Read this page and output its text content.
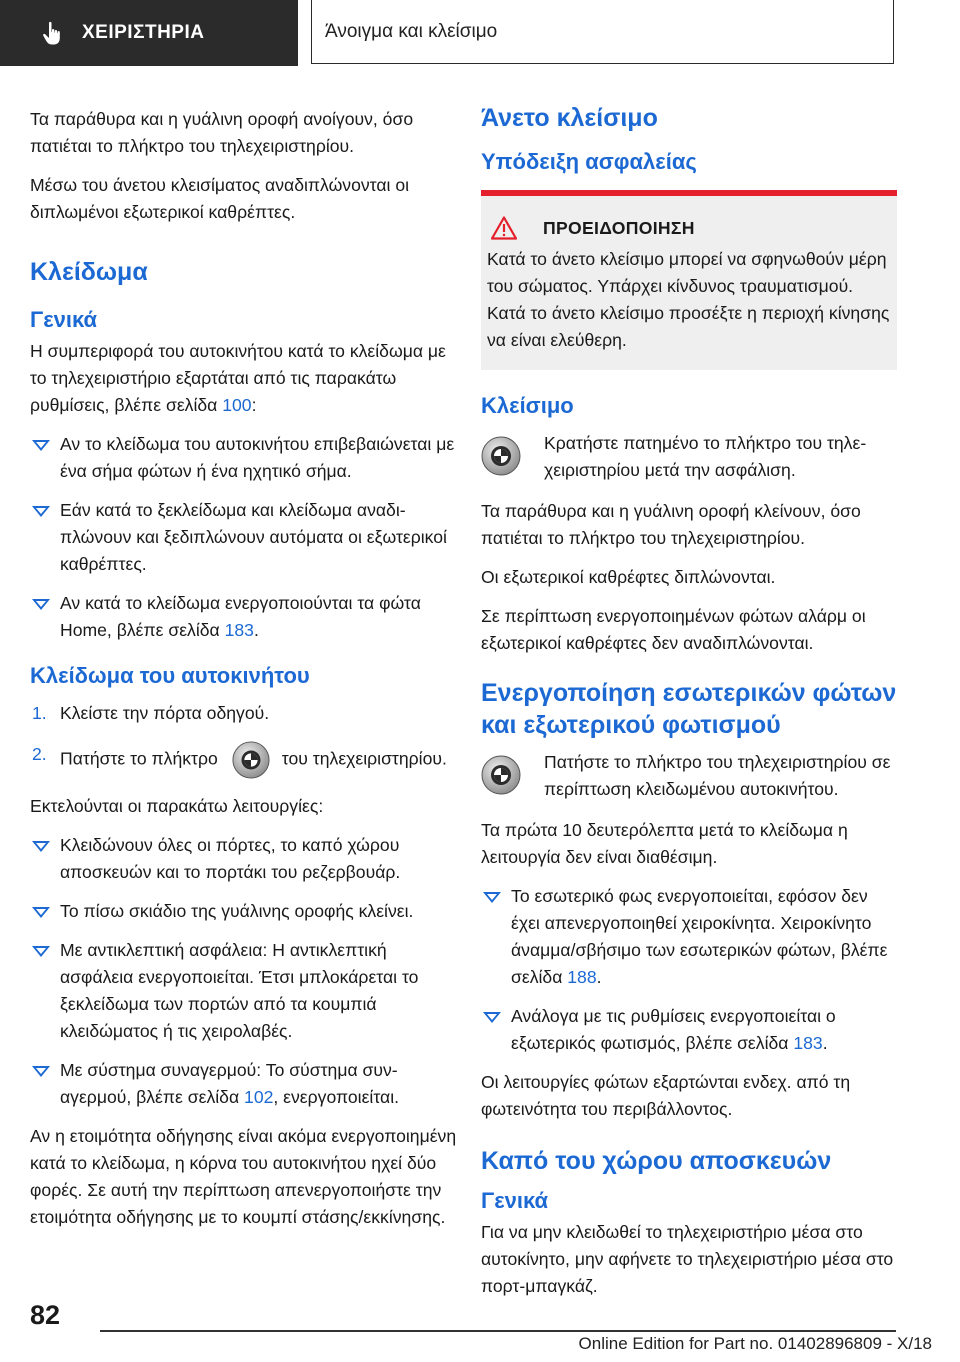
ΧΕΙΡΙΣΤΗΡΙΑ	Άνοιγμα και κλείσιμο

Τα παράθυρα και η γυάλινη οροφή ανοίγουν, όσο πατιέται το πλήκτρο του τηλεχειριστηρίου.

Μέσω του άνετου κλεισίματος αναδιπλώνονται οι διπλωμένοι εξωτερικοί καθρέπτες.

Κλείδωμα
Γενικά

Η συμπεριφορά του αυτοκινήτου κατά το κλείδωμα με το τηλεχειριστήριο εξαρτάται από τις παρακάτω ρυθμίσεις, βλέπε σελίδα 100:

Αν το κλείδωμα του αυτοκινήτου επιβεβαιώνεται με ένα σήμα φώτων ή ένα ηχητικό σήμα.
Εάν κατά το ξεκλείδωμα και κλείδωμα αναδιπλώνουν και ξεδιπλώνουν αυτόματα οι εξωτερικοί καθρέπτες.
Αν κατά το κλείδωμα ενεργοποιούνται τα φώτα Home, βλέπε σελίδα 183.
Κλείδωμα του αυτοκινήτου
1. Κλείστε την πόρτα οδηγού.
2. Πατήστε το πλήκτρο	του τηλεχειριστηρίου.

Εκτελούνται οι παρακάτω λειτουργίες:

Κλειδώνουν όλες οι πόρτες, το καπό χώρου αποσκευών και το πορτάκι του ρεζερβουάρ.
Το πίσω σκιάδιο της γυάλινης οροφής κλείνει.
Με αντικλεπτική ασφάλεια: Η αντικλεπτική ασφάλεια ενεργοποιείται. Έτσι μπλοκάρεται το ξεκλείδωμα των πορτών από τα κουμπιά κλειδώματος ή τις χειρολαβές.
Με σύστημα συναγερμού: Το σύστημα συναγερμού, βλέπε σελίδα 102, ενεργοποιείται.

Αν η ετοιμότητα οδήγησης είναι ακόμα ενεργοποιημένη κατά το κλείδωμα, η κόρνα του αυτοκινήτου ηχεί δύο φορές. Σε αυτή την περίπτωση απενεργοποιήστε την ετοιμότητα οδήγησης με το κουμπί στάσης/εκκίνησης.

Άνετο κλείσιμο
Υπόδειξη ασφαλείας
ΠΡΟΕΙΔΟΠΟΙΗΣΗ

Κατά το άνετο κλείσιμο μπορεί να σφηνωθούν μέρη του σώματος. Υπάρχει κίνδυνος τραυματισμού. Κατά το άνετο κλείσιμο προσέξτε η περιοχή κίνησης να είναι ελεύθερη.

Κλείσιμο
Κρατήστε πατημένο το πλήκτρο του τηλεχειριστηρίου μετά την ασφάλιση.

Τα παράθυρα και η γυάλινη οροφή κλείνουν, όσο πατιέται το πλήκτρο του τηλεχειριστηρίου.

Οι εξωτερικοί καθρέφτες διπλώνονται.

Σε περίπτωση ενεργοποιημένων φώτων αλάρμ οι εξωτερικοί καθρέφτες δεν αναδιπλώνονται.

Ενεργοποίηση εσωτερικών φώτων και εξωτερικού φωτισμού
Πατήστε το πλήκτρο του τηλεχειριστηρίου σε περίπτωση κλειδωμένου αυτοκινήτου.

Τα πρώτα 10 δευτερόλεπτα μετά το κλείδωμα η λειτουργία δεν είναι διαθέσιμη.

Το εσωτερικό φως ενεργοποιείται, εφόσον δεν έχει απενεργοποιηθεί χειροκίνητα. Χειροκίνητο άναμμα/σβήσιμο των εσωτερικών φώτων, βλέπε σελίδα 188.
Ανάλογα με τις ρυθμίσεις ενεργοποιείται ο εξωτερικός φωτισμός, βλέπε σελίδα 183.

Οι λειτουργίες φώτων εξαρτώνται ενδεχ. από τη φωτεινότητα του περιβάλλοντος.

Καπό του χώρου αποσκευών
Γενικά

Για να μην κλειδωθεί το τηλεχειριστήριο μέσα στο αυτοκίνητο, μην αφήνετε το τηλεχειριστήριο μέσα στο πορτ-μπαγκάζ.

82
Online Edition for Part no. 01402896809 - X/18
